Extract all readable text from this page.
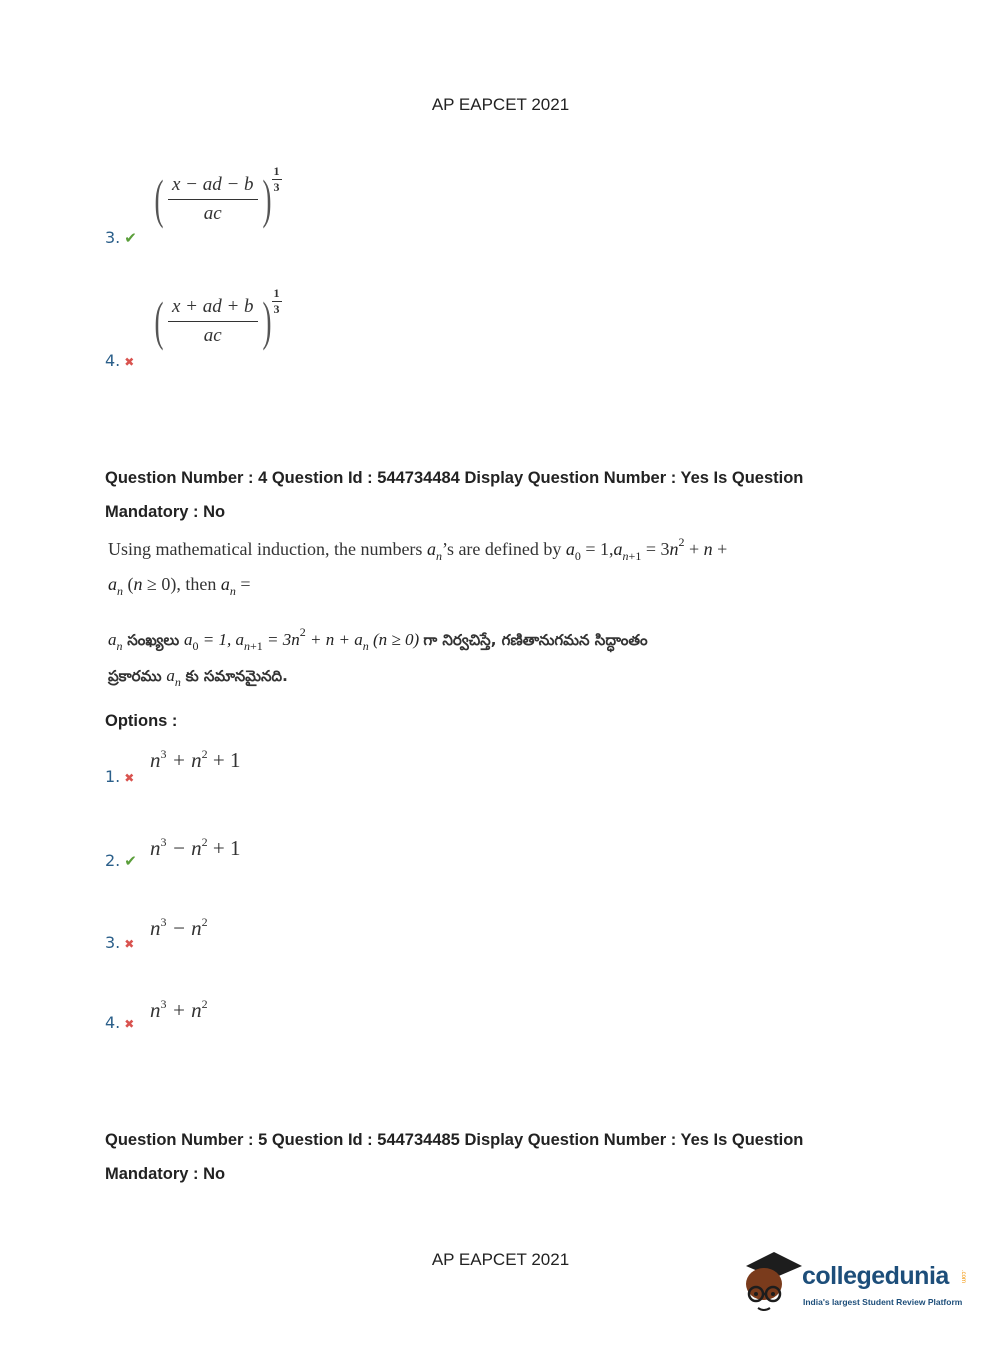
AP EAPCET 2021
3. ✔
( $\frac{x - ad - b}{ac}$ ) $\frac{1}{3}$
4. ✖
( $\frac{x + ad + b}{ac}$ ) $\frac{1}{3}$
Question Number : 4 Question Id : 544734484 Display Question Number : Yes Is Question
Mandatory : No
Using mathematical induction, the numbers $a_n’s$ are defined by $a_0 = 1,a_{n+1} = 3n^2 + n$ +
$a_n$ (n ≥ 0), then $a_n$ =
$a_n$ సంఖ్యలు $a_0 = 1$, $a_{n+1} = 3n^2 + n + a_n$ (n ≥ 0) గా నిర్వచిస్తే, గణితానుగమన సిద్ధాంతం
ప్రకారము $a_n$ కు సమానమైనది.
Options :
1. ✖
$n^3 + n^2 + 1$
2. ✔
$n^3 - n^2 + 1$
3. ✖
$n^3 - n^2$
4. ✖
$n^3 + n^2$
Question Number : 5 Question Id : 544734485 Display Question Number : Yes Is Question
Mandatory : No
AP EAPCET 2021
collegedunia .com
India's largest Student Review Platform
